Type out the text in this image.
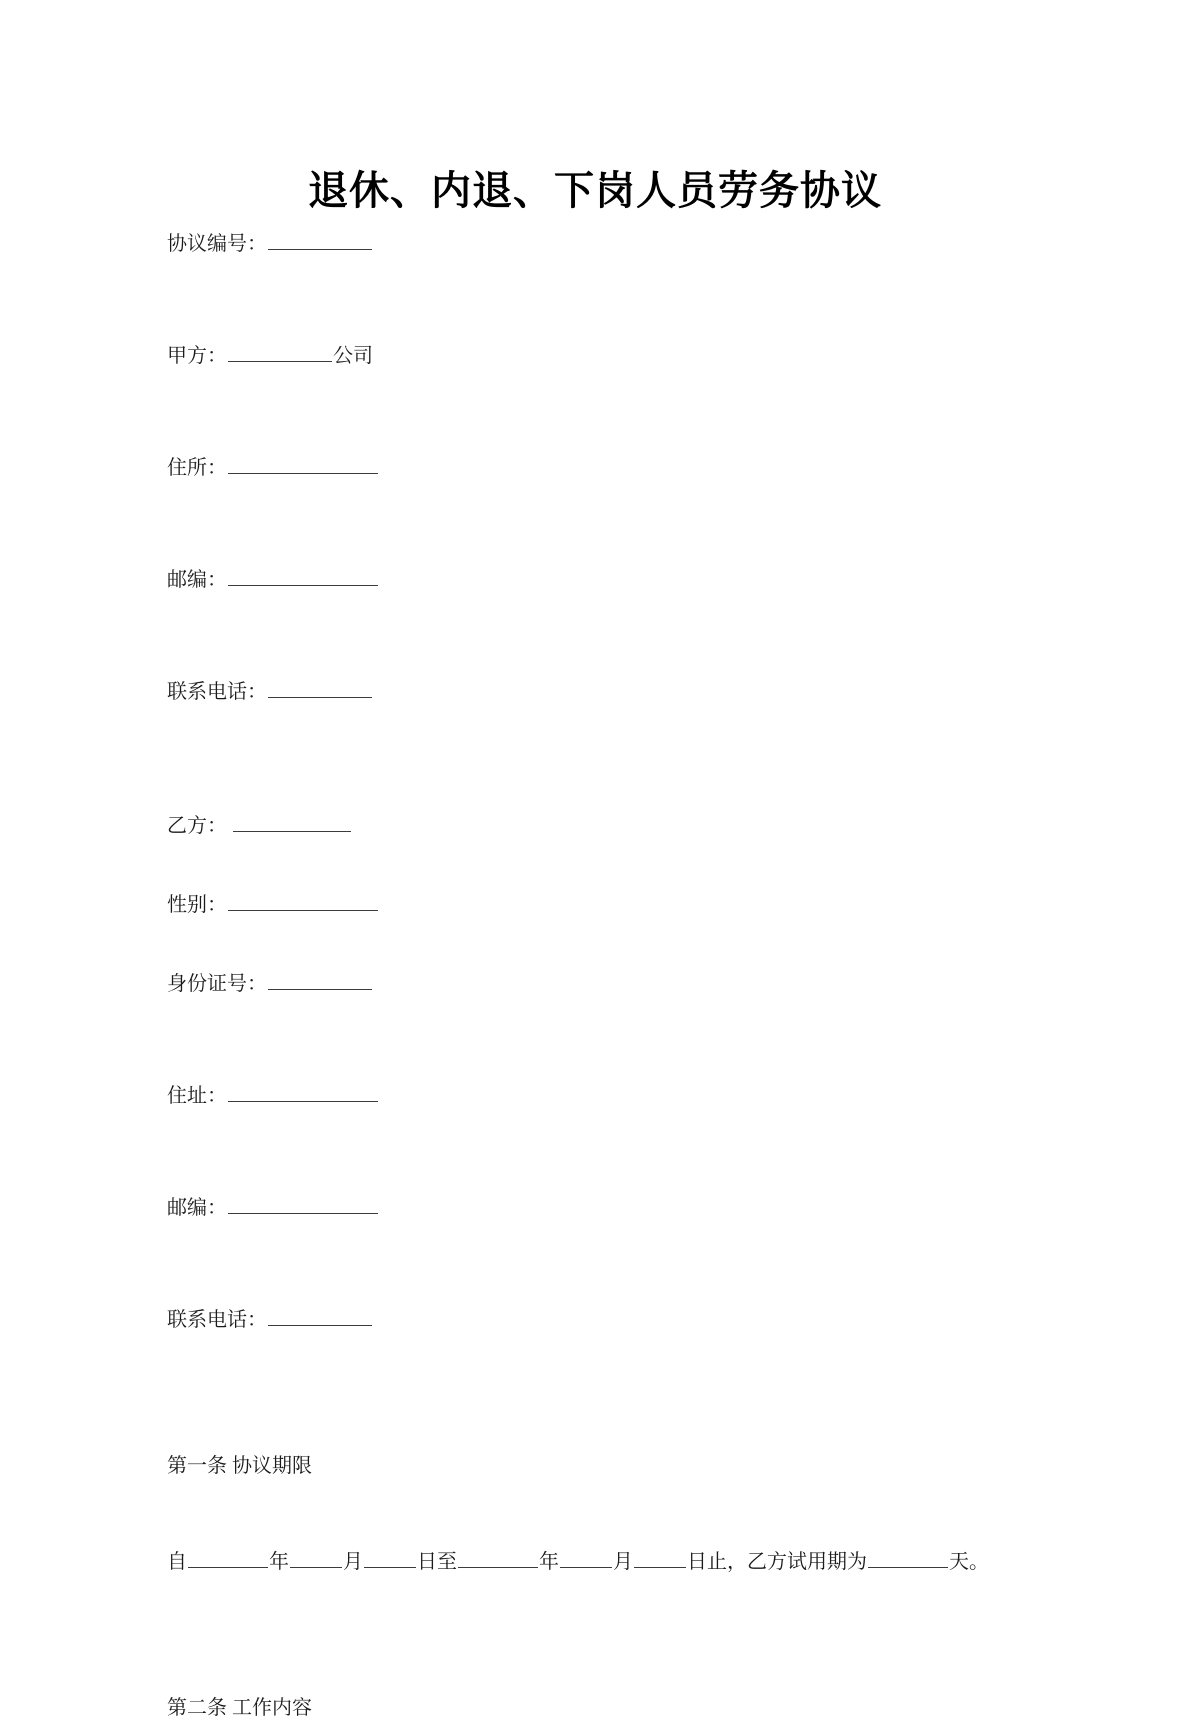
退休、内退、下岗人员劳务协议
协议编号：
甲方：	公司
住所：
邮编：
联系电话：
乙方：
性别：
身份证号：
住址：
邮编：
联系电话：
第一条 协议期限
自	年	月	日至	年	月	日止，乙方试用期为	天。
第二条 工作内容
